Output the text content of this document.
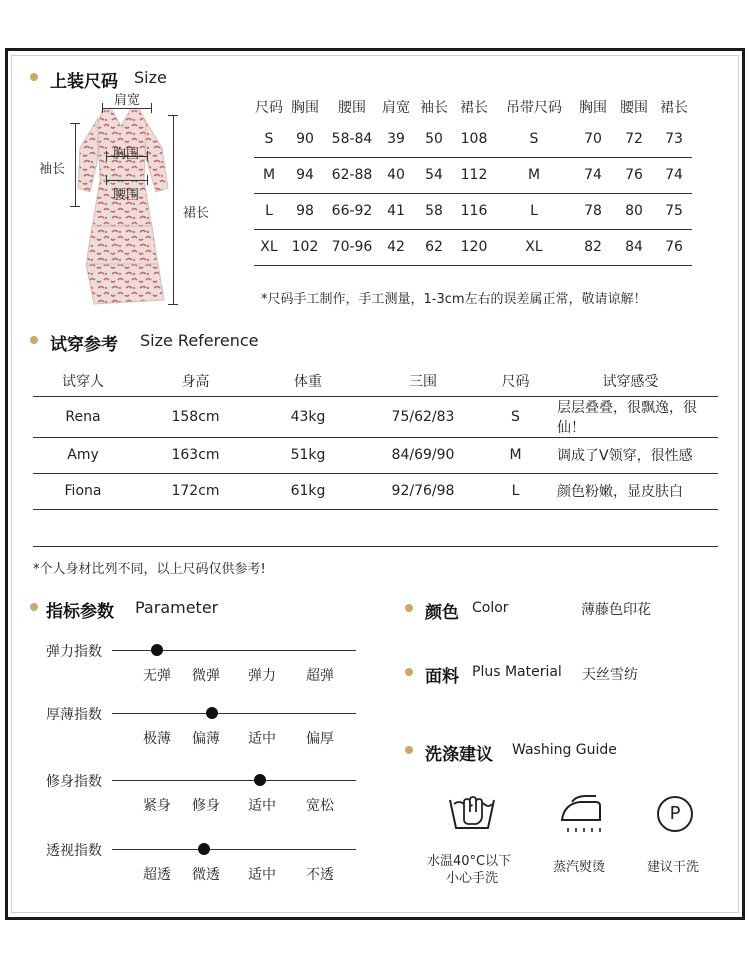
上装尺码 Size
肩宽
胸围
腰围
袖长
裙长
尺码	胸围	腰围	肩宽	袖长	裙长	吊带尺码	胸围	腰围	裙长
S	90	58-84	39	50	108	S	70	72	73
M	94	62-88	40	54	112	M	74	76	74
L	98	66-92	41	58	116	L	78	80	75
XL	102	70-96	42	62	120	XL	82	84	76
*尺码手工制作，手工测量，1-3cm左右的误差属正常，敬请谅解！
试穿参考 Size Reference
试穿人	身高	体重	三围	尺码	试穿感受
Rena	158cm	43kg	75/62/83	S	层层叠叠，很飘逸，很仙！
Amy	163cm	51kg	84/69/90	M	调成了V领穿，很性感
Fiona	172cm	61kg	92/76/98	L	颜色粉嫩，显皮肤白

*个人身材比列不同，以上尺码仅供参考!
指标参数 Parameter
弹力指数
无弹 微弹 弹力 超弹
厚薄指数
极薄 偏薄 适中 偏厚
修身指数
紧身 修身 适中 宽松
透视指数
超透 微透 适中 不透
颜色 Color	薄藤色印花
面料 Plus Material 天丝雪纺
洗涤建议 Washing Guide
水温40°C以下
小心手洗
蒸汽熨烫
P
建议干洗
